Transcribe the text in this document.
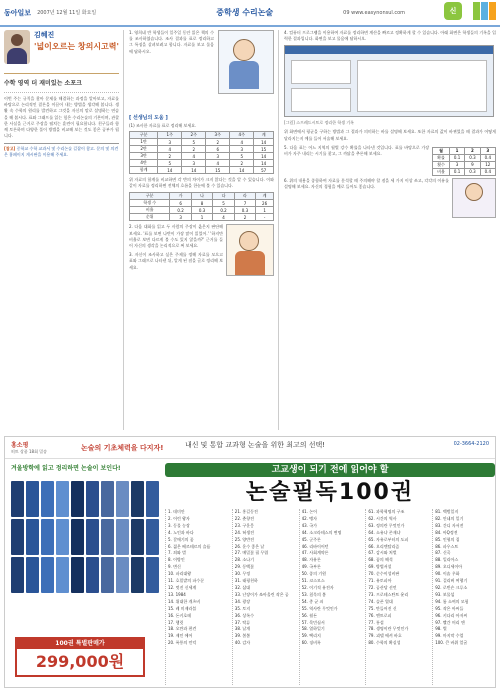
동아일보 2007년 12월 11일 화요일	중학생 수리논술	09 www.easynonsul.com	신
김혜진
'넓이오르는 창의시고력'
수학 영역 더 재미있는 소포크

이번 주는 규칙을 찾아 문제를 해결하는 과정을 알아보고, 자료를 바탕으로 논리적인 결론을 이끌어 내는 방법을 생각해 봅니다. 생활 속 수학의 원리를 발견하고 그것을 자신의 말로 설명하는 연습을 해 봅시다. 표와 그래프를 읽는 힘은 수리논술의 기본이며, 관찰한 사실을 근거로 주장을 펼치는 훈련이 필요합니다. 친구들과 함께 토론하며 다양한 풀이 방법을 비교해 보는 것도 좋은 공부가 됩니다.

[참고] 중학교 수학 교과서 및 수리논술 길잡이 참고. 문의 및 의견은 홈페이지 게시판을 이용해 주세요.

1. 영희네 반 학생들이 일주일 동안 읽은 책의 수를 조사하였습니다. 조사 결과를 표로 정리하고 그 특징을 살펴보려고 합니다. 자료를 보고 물음에 답하시오.

[ 선생님의 도움 ]
(1) 조사한 자료를 표로 정리해 보세요.
구분	1주	2주	3주	4주	계
1반	3	5	2	4	14
2반	4	2	6	3	15
3반	2	4	3	5	14
4반	5	3	4	2	14
합계	14	14	15	14	57

위 자료의 합계를 비교하면 각 반의 차이가 크지 않다는 것을 알 수 있습니다. 이와 같이 자료를 정리하면 전체의 흐름을 한눈에 볼 수 있습니다.

구분	가	나	다	라	계
학생 수	6	8	5	7	26
비율	0.2	0.3	0.2	0.3	1
순위	3	1	4	2	-

2. 다음 대화를 읽고 두 사람의 주장이 옳은지 판단해 보세요. '표를 보면 나반이 가장 많이 읽었어.' '하지만 비율로 보면 다르게 볼 수도 있지 않을까?' 근거를 들어 자신의 생각을 논리적으로 써 보세요.

3. 자신이 조사하고 싶은 주제를 정해 자료를 모으고 표와 그래프로 나타낸 뒤, 알게 된 점을 글로 정리해 보세요.

4. 컴퓨터 프로그램을 이용하여 자료를 정리하면 계산을 빠르고 정확하게 할 수 있습니다. 아래 화면은 학생들의 기록을 입력한 결과입니다. 화면을 보고 물음에 답하시오.

[그림] 스프레드시트로 정리한 학생 기록

위 화면에서 평균을 구하는 방법과 그 결과가 의미하는 바를 설명해 보세요. 또한 자료의 값이 바뀌었을 때 결과가 어떻게 달라지는지 예를 들어 서술해 보세요.

월	1	2	3
확률	0.1	0.3	0.4
횟수	3	9	12
비율	0.1	0.3	0.4

5. 다음 표는 어느 지역의 월별 강수 확률을 나타낸 것입니다. 표를 바탕으로 가장 비가 자주 내리는 시기를 찾고, 그 까닭을 추론해 보세요.

6. 위의 내용을 종합하여 자료를 분석할 때 주의해야 할 점을 세 가지 이상 쓰고, 각각의 이유를 설명해 보세요. 자신의 경험을 예로 들어도 좋습니다.

홍소평
히트 상품 18회 밀송	논술의 기초체력을 다지자!	내신 및 통합 교과형 논술을 위한 최고의 선택!	02-3664-2120
겨울방학에 읽고 정리하면 논술이 보인다!	고교생이 되기 전에 읽어야 할
논술필독100권
100권 특별판매가
299,000원
1. 데미안
2. 어린 왕자
3. 동물 농장
4. 노인과 바다
5. 갈매기의 꿈
6. 젊은 베르테르의 슬픔
7. 죄와 벌
8. 이방인
9. 변신
10. 파리대왕
11. 호밀밭의 파수꾼
12. 멋진 신세계
13. 1984
14. 위대한 개츠비
15. 레 미제라블
16. 돈키호테
17. 햄릿
18. 오만과 편견
19. 제인 에어
20. 폭풍의 언덕
21. 홍길동전
22. 춘향전
23. 구운몽
24. 허생전
25. 양반전
26. 운수 좋은 날
27. 메밀꽃 필 무렵
28. 소나기
29. 동백꽃
30. 무정
31. 태평천하
32. 삼대
33. 난장이가 쏘아올린 작은 공
34. 광장
35. 토지
36. 상록수
37. 탁류
38. 날개
39. 봄봄
40. 감자
41. 논어
42. 맹자
43. 국가
44. 소크라테스의 변명
45. 군주론
46. 리바이어던
47. 사회계약론
48. 자유론
49. 국부론
50. 종의 기원
51. 코스모스
52. 이기적 유전자
53. 침묵의 봄
54. 총 균 쇠
55. 역사란 무엇인가
56. 월든
57. 목민심서
58. 열하일기
59. 택리지
60. 징비록
61. 과학혁명의 구조
62. 시간의 역사
63. 정의란 무엇인가
64. 소유냐 존재냐
65. 자유로부터의 도피
66. 오리엔탈리즘
67. 감시와 처벌
68. 꿈의 해석
69. 방법서설
70. 순수이성비판
71. 유토피아
72. 공산당 선언
73. 프로테스탄트 윤리
74. 슬픈 열대
75. 만들어진 신
76. 엔트로피
77. 통섭
78. 생명이란 무엇인가
79. 괴델 에셔 바흐
80. 수학의 확실성
81. 백범일지
82. 안네의 일기
83. 간디 자서전
84. 아Q정전
85. 인형의 집
86. 파우스트
87. 신곡
88. 일리아스
89. 오디세이아
90. 이솝 우화
91. 걸리버 여행기
92. 로빈슨 크루소
93. 보물섬
94. 톰 소여의 모험
95. 작은 아씨들
96. 키다리 아저씨
97. 빨간 머리 앤
98. 별
99. 마지막 수업
100. 큰 바위 얼굴
